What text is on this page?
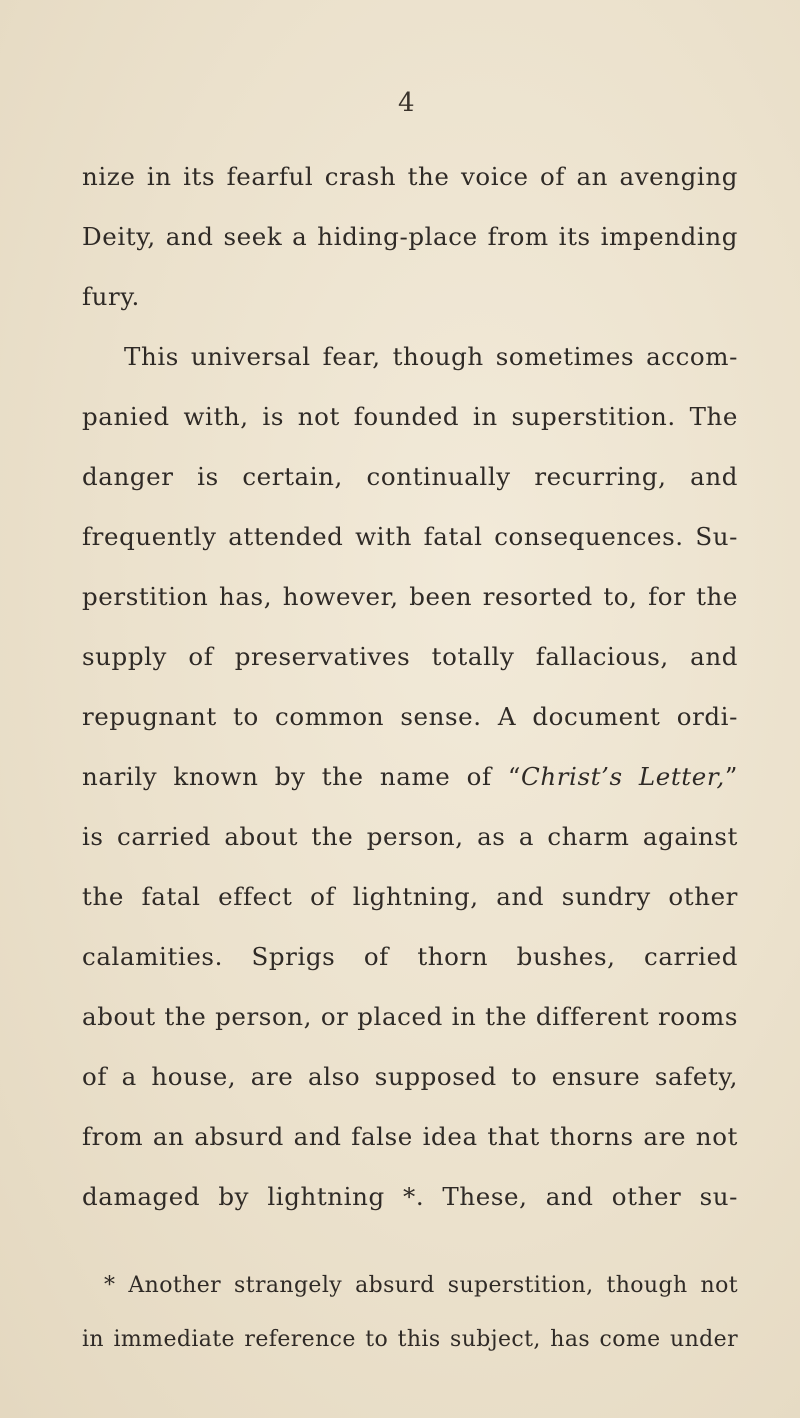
4
nize in its fearful crash the voice of an avenging
Deity, and seek a hiding-place from its impending
fury.
This universal fear, though sometimes accom-
panied with, is not founded in superstition. The
danger is certain, continually recurring, and
frequently attended with fatal consequences. Su-
perstition has, however, been resorted to, for the
supply of preservatives totally fallacious, and
repugnant to common sense. A document ordi-
narily known by the name of “Christ’s Letter,”
is carried about the person, as a charm against
the fatal effect of lightning, and sundry other
calamities. Sprigs of thorn bushes, carried
about the person, or placed in the different rooms
of a house, are also supposed to ensure safety,
from an absurd and false idea that thorns are not
damaged by lightning *. These, and other su-
* Another strangely absurd superstition, though not
in immediate reference to this subject, has come under
